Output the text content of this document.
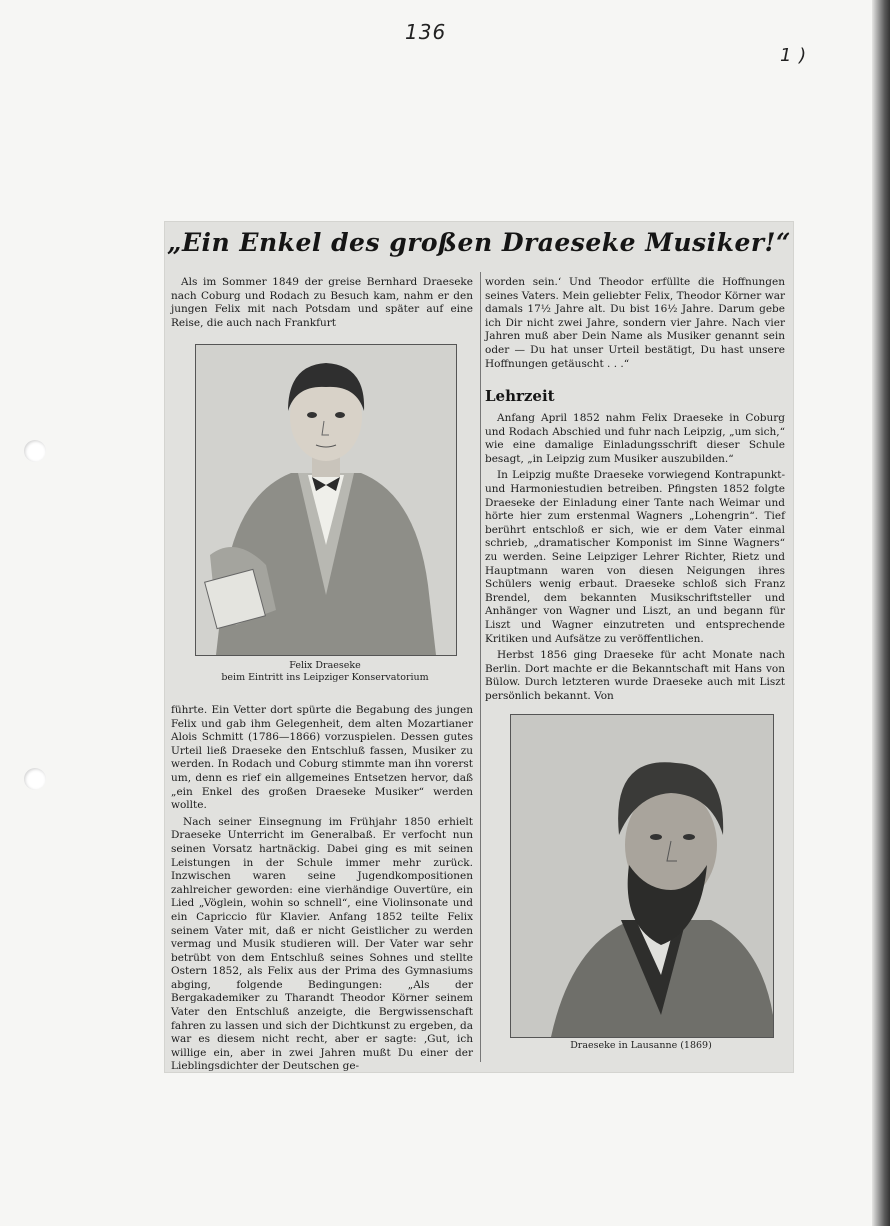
136
1 )
„Ein Enkel des großen Draeseke Musiker!“

Als im Sommer 1849 der greise Bernhard Draeseke nach Coburg und Rodach zu Besuch kam, nahm er den jungen Felix mit nach Potsdam und später auf eine Reise, die auch nach Frankfurt

Felix Draeseke
beim Eintritt ins Leipziger Konservatorium

führte. Ein Vetter dort spürte die Begabung des jungen Felix und gab ihm Gelegenheit, dem alten Mozartianer Alois Schmitt (1786—1866) vorzuspielen. Dessen gutes Urteil ließ Draeseke den Entschluß fassen, Musiker zu werden. In Rodach und Coburg stimmte man ihn vorerst um, denn es rief ein allgemeines Entsetzen hervor, daß „ein Enkel des großen Draeseke Musiker“ werden wollte.

Nach seiner Einsegnung im Frühjahr 1850 erhielt Draeseke Unterricht im Generalbaß. Er verfocht nun seinen Vorsatz hartnäckig. Dabei ging es mit seinen Leistungen in der Schule immer mehr zurück. Inzwischen waren seine Jugendkompositionen zahlreicher geworden: eine vierhändige Ouvertüre, ein Lied „Vöglein, wohin so schnell“, eine Violinsonate und ein Capriccio für Klavier. Anfang 1852 teilte Felix seinem Vater mit, daß er nicht Geistlicher zu werden vermag und Musik studieren will. Der Vater war sehr betrübt von dem Entschluß seines Sohnes und stellte Ostern 1852, als Felix aus der Prima des Gymnasiums abging, folgende Bedingungen: „Als der Bergakademiker zu Tharandt Theodor Körner seinem Vater den Entschluß anzeigte, die Bergwissenschaft fahren zu lassen und sich der Dichtkunst zu ergeben, da war es diesem nicht recht, aber er sagte: ‚Gut, ich willige ein, aber in zwei Jahren mußt Du einer der Lieblingsdichter der Deutschen ge-

worden sein.‘ Und Theodor erfüllte die Hoffnungen seines Vaters. Mein geliebter Felix, Theodor Körner war damals 17½ Jahre alt. Du bist 16½ Jahre. Darum gebe ich Dir nicht zwei Jahre, sondern vier Jahre. Nach vier Jahren muß aber Dein Name als Musiker genannt sein oder — Du hat unser Urteil bestätigt, Du hast unsere Hoffnungen getäuscht . . .“

Lehrzeit

Anfang April 1852 nahm Felix Draeseke in Coburg und Rodach Abschied und fuhr nach Leipzig, „um sich,“ wie eine damalige Einladungsschrift dieser Schule besagt, „in Leipzig zum Musiker auszubilden.“

In Leipzig mußte Draeseke vorwiegend Kontrapunkt- und Harmoniestudien betreiben. Pfingsten 1852 folgte Draeseke der Einladung einer Tante nach Weimar und hörte hier zum erstenmal Wagners „Lohengrin“. Tief berührt entschloß er sich, wie er dem Vater einmal schrieb, „dramatischer Komponist im Sinne Wagners“ zu werden. Seine Leipziger Lehrer Richter, Rietz und Hauptmann waren von diesen Neigungen ihres Schülers wenig erbaut. Draeseke schloß sich Franz Brendel, dem bekannten Musikschriftsteller und Anhänger von Wagner und Liszt, an und begann für Liszt und Wagner einzutreten und entsprechende Kritiken und Aufsätze zu veröffentlichen.

Herbst 1856 ging Draeseke für acht Monate nach Berlin. Dort machte er die Bekanntschaft mit Hans von Bülow. Durch letzteren wurde Draeseke auch mit Liszt persönlich bekannt. Von

Draeseke in Lausanne (1869)
